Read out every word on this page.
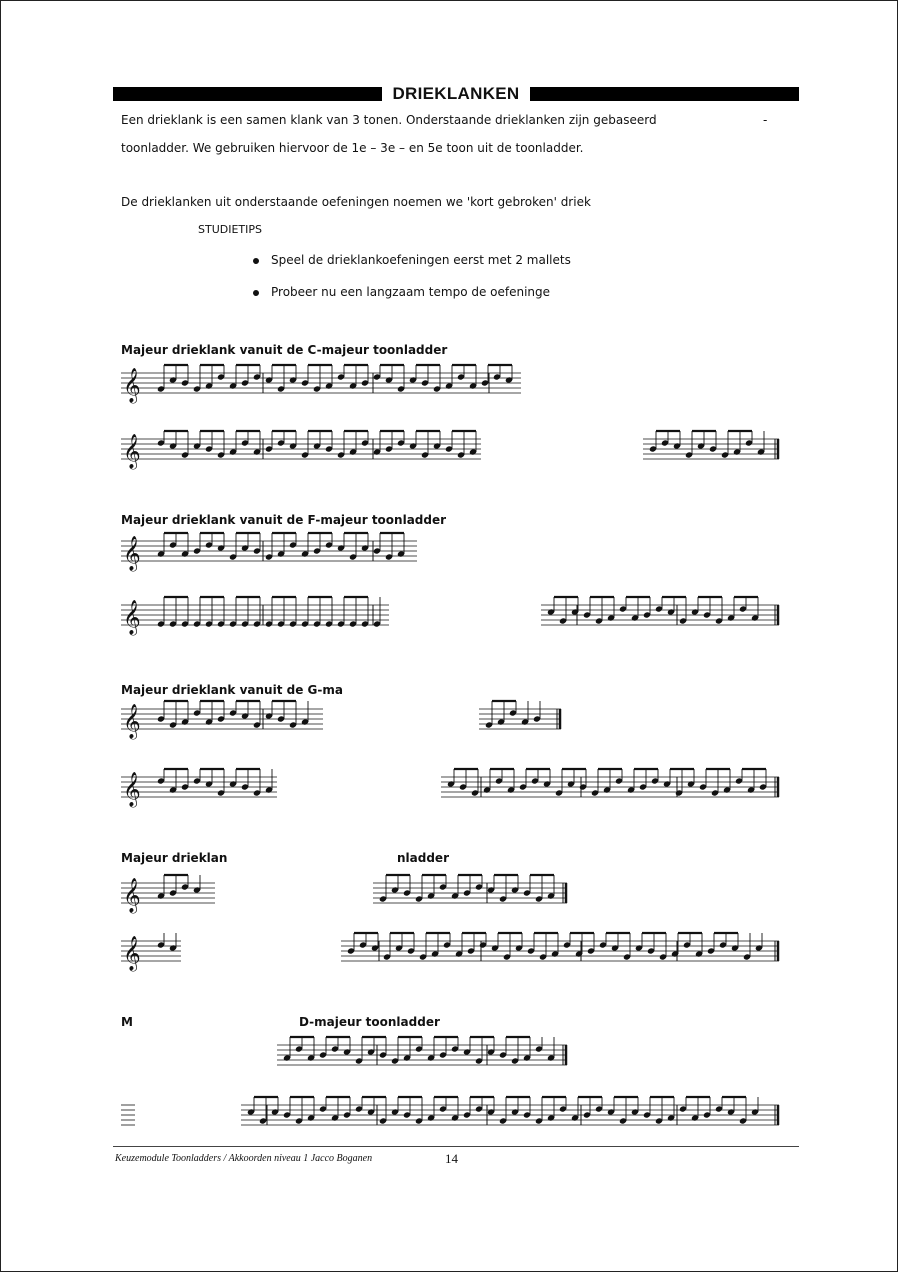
DRIEKLANKEN
Een drieklank is een samen klank van 3 tonen. Onderstaande drieklanken zijn gebaseerd	-
toonladder. We gebruiken hiervoor de 1e – 3e – en 5e toon uit de toonladder.
De drieklanken uit onderstaande oefeningen noemen we 'kort gebroken' driek
STUDIETIPS
Speel de drieklankoefeningen eerst met 2 mallets
Probeer nu een langzaam tempo de oefeninge
Majeur drieklank vanuit de C-majeur toonladder
Majeur drieklank vanuit de F-majeur toonladder
Majeur drieklank vanuit de G-ma
Majeur drieklan	nladder
M	D-majeur toonladder
𝄞
𝄞
𝄞
𝄞
𝄞
𝄞
𝄞
𝄞
Keuzemodule Toonladders / Akkoorden niveau 1 Jacco Boganen	14
